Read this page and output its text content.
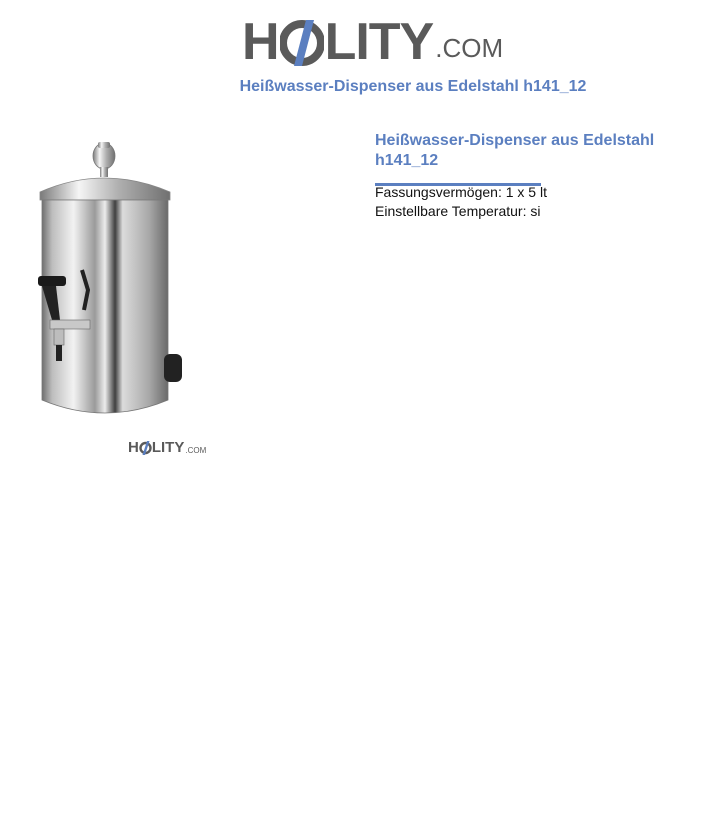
H LITY .COM
Heißwasser-Dispenser aus Edelstahl h141_12
H LITY .COM
Heißwasser-Dispenser aus Edelstahl h141_12

Fassungsvermögen: 1 x 5 lt

Einstellbare Temperatur: si
